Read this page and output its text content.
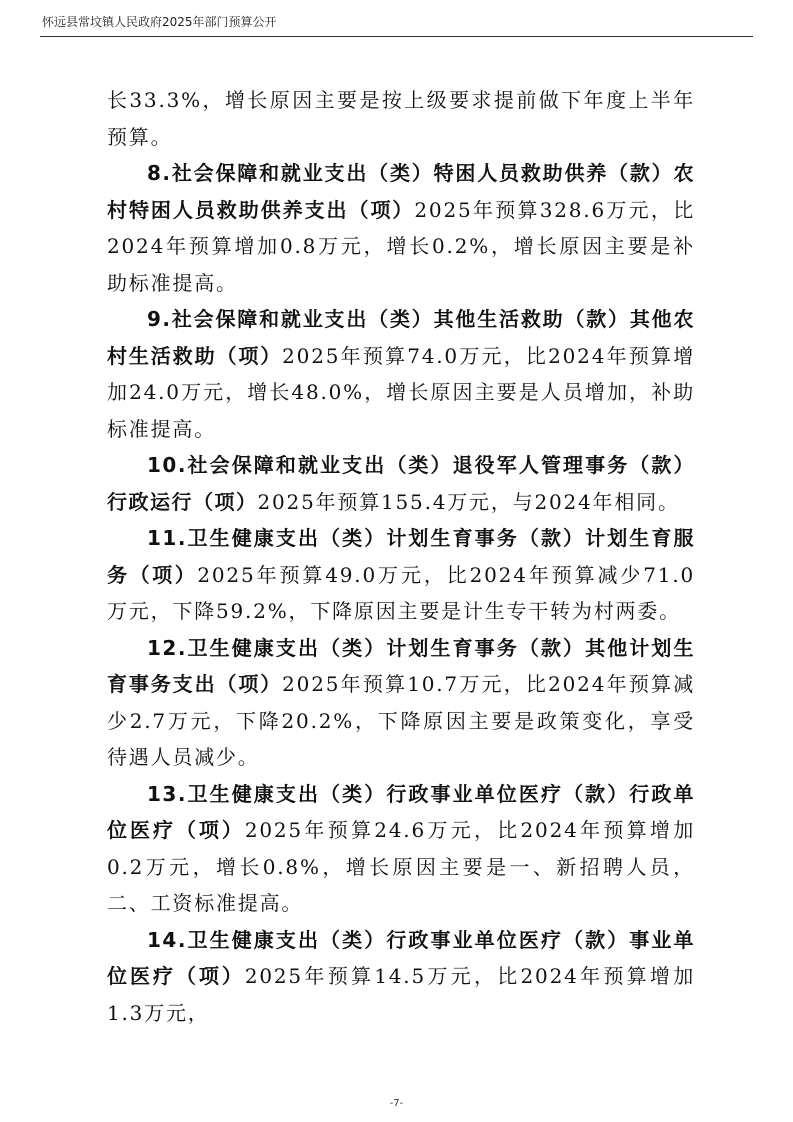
怀远县常坟镇人民政府2025年部门预算公开

长33.3%，增长原因主要是按上级要求提前做下年度上半年预算。

8.社会保障和就业支出（类）特困人员救助供养（款）农村特困人员救助供养支出（项）2025年预算328.6万元，比2024年预算增加0.8万元，增长0.2%，增长原因主要是补助标准提高。

9.社会保障和就业支出（类）其他生活救助（款）其他农村生活救助（项）2025年预算74.0万元，比2024年预算增加24.0万元，增长48.0%，增长原因主要是人员增加，补助标准提高。

10.社会保障和就业支出（类）退役军人管理事务（款）行政运行（项）2025年预算155.4万元，与2024年相同。

11.卫生健康支出（类）计划生育事务（款）计划生育服务（项）2025年预算49.0万元，比2024年预算减少71.0万元，下降59.2%，下降原因主要是计生专干转为村两委。

12.卫生健康支出（类）计划生育事务（款）其他计划生育事务支出（项）2025年预算10.7万元，比2024年预算减少2.7万元，下降20.2%，下降原因主要是政策变化，享受待遇人员减少。

13.卫生健康支出（类）行政事业单位医疗（款）行政单位医疗（项）2025年预算24.6万元，比2024年预算增加0.2万元，增长0.8%，增长原因主要是一、新招聘人员，二、工资标准提高。

14.卫生健康支出（类）行政事业单位医疗（款）事业单位医疗（项）2025年预算14.5万元，比2024年预算增加1.3万元，

-7-
